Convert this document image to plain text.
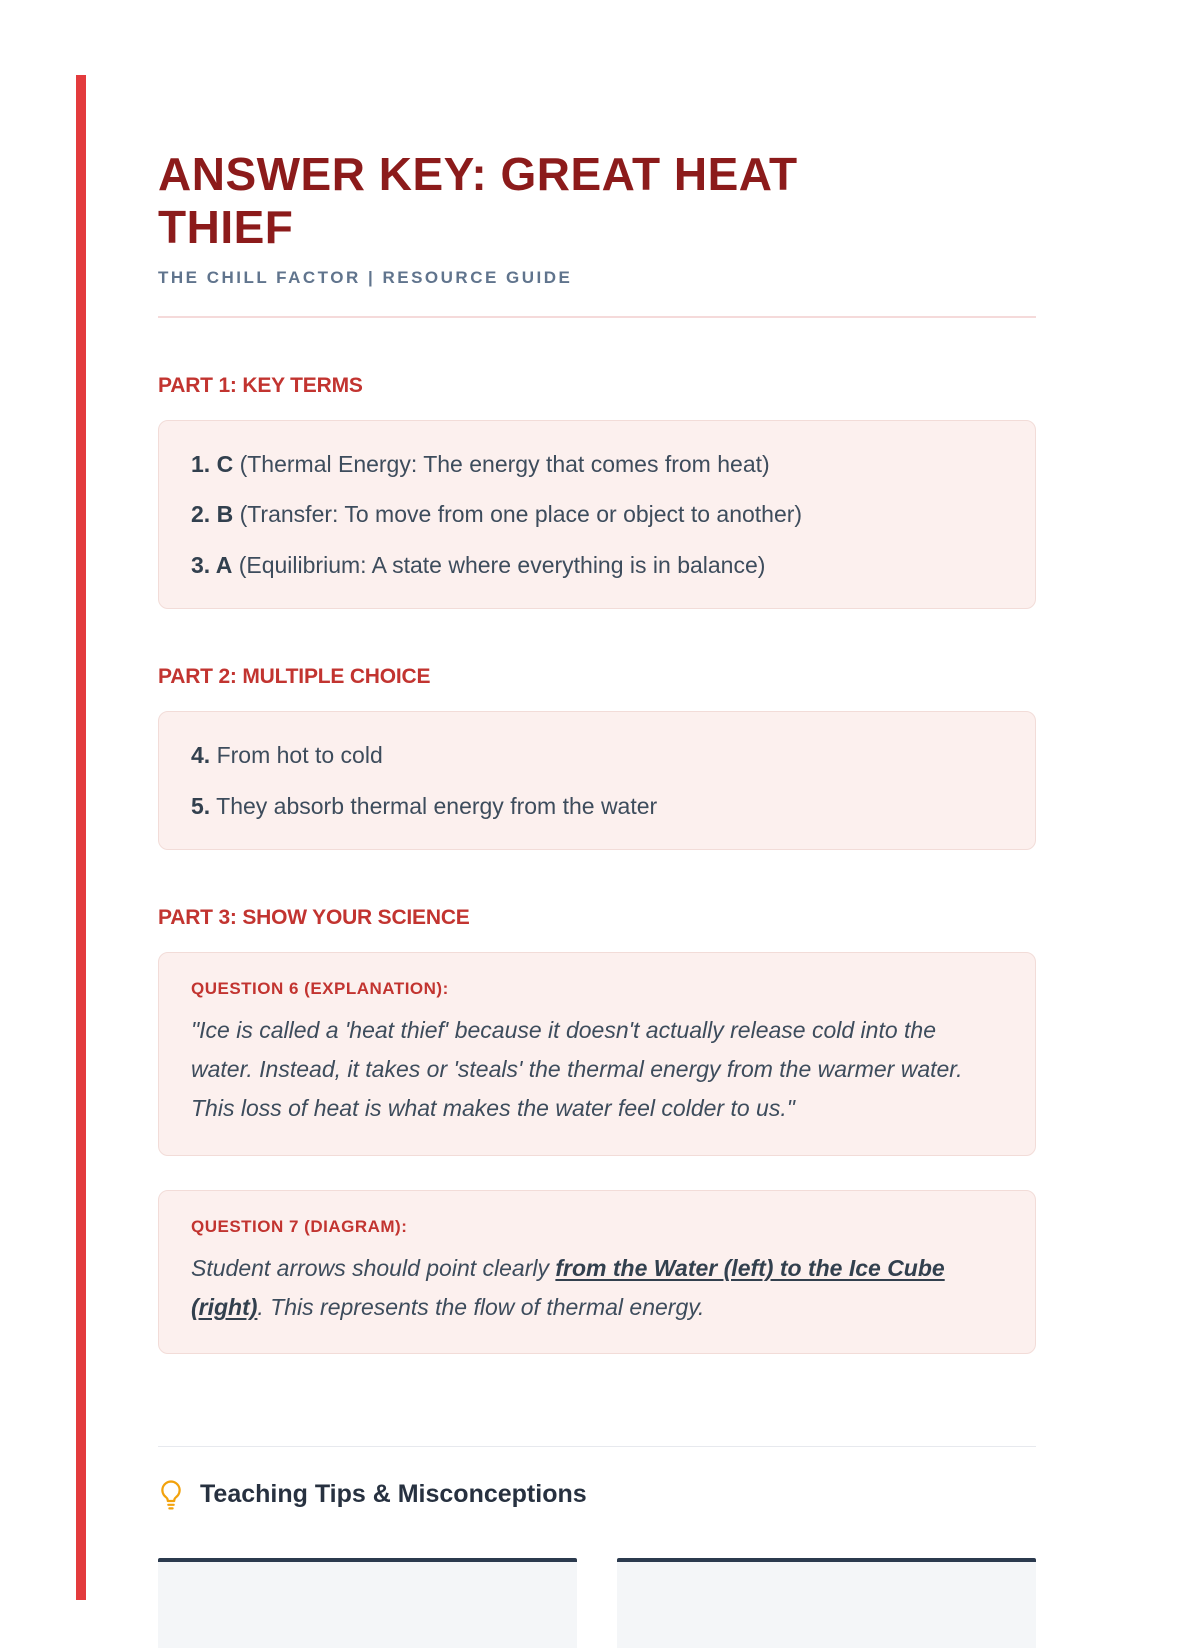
ANSWER KEY: GREAT HEAT THIEF
THE CHILL FACTOR | RESOURCE GUIDE
PART 1: KEY TERMS
1. C (Thermal Energy: The energy that comes from heat)
2. B (Transfer: To move from one place or object to another)
3. A (Equilibrium: A state where everything is in balance)
PART 2: MULTIPLE CHOICE
4. From hot to cold
5. They absorb thermal energy from the water
PART 3: SHOW YOUR SCIENCE
QUESTION 6 (EXPLANATION):
"Ice is called a 'heat thief' because it doesn't actually release cold into the water. Instead, it takes or 'steals' the thermal energy from the warmer water. This loss of heat is what makes the water feel colder to us."
QUESTION 7 (DIAGRAM):
Student arrows should point clearly from the Water (left) to the Ice Cube (right). This represents the flow of thermal energy.
Teaching Tips & Misconceptions
